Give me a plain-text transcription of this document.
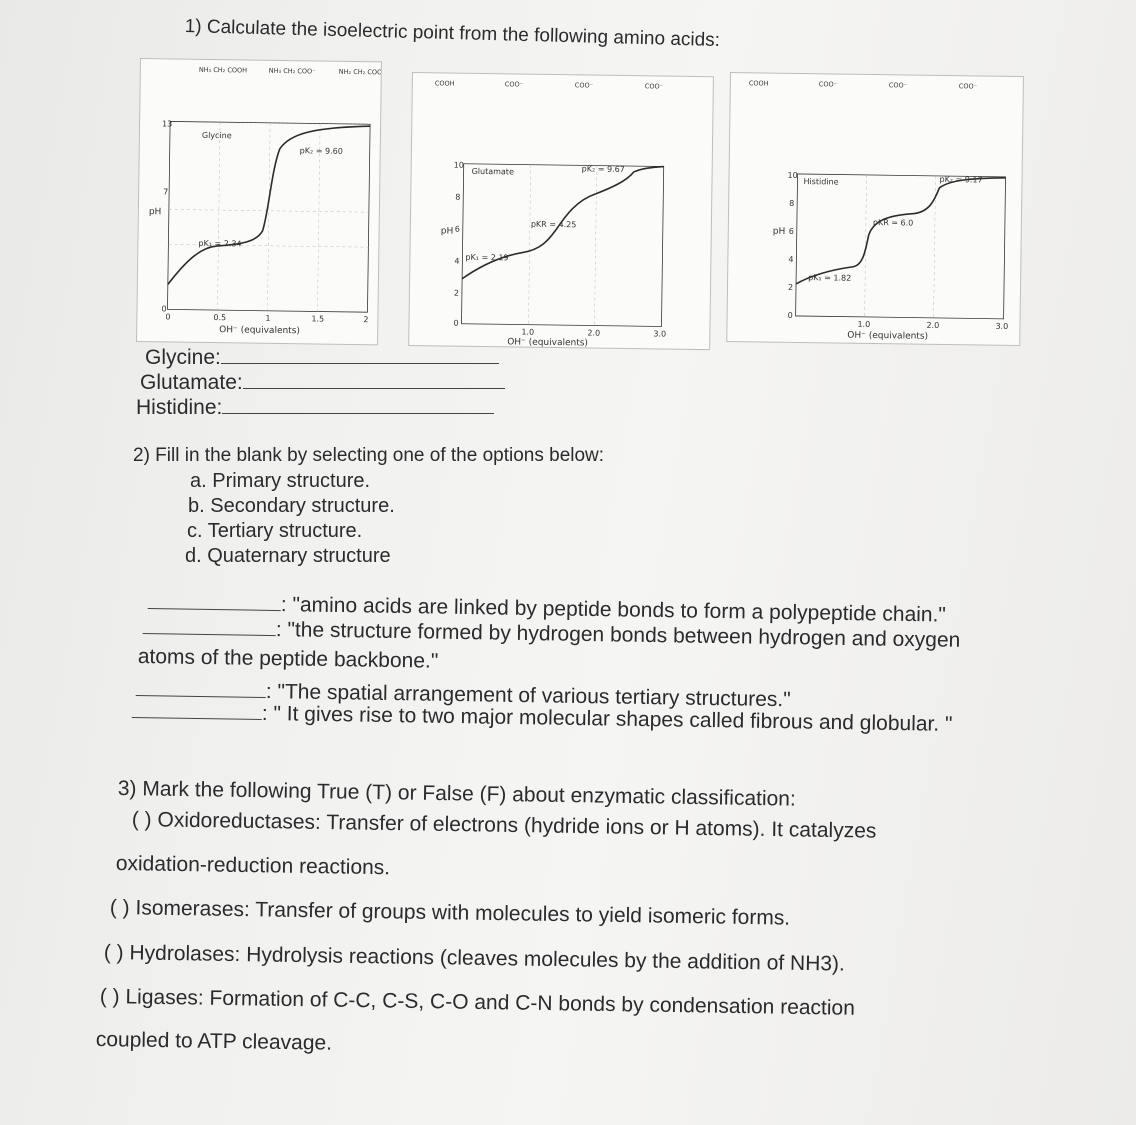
1) Calculate the isoelectric point from the following amino acids:
NH₃ CH₂ COOH	NH₃ CH₂ COO⁻	NH₂ CH₂ COO⁻
pH
13
7
0
0	0.5	1	1.5	2
OH⁻ (equivalents)
Glycine
pK₁ = 2.34
pK₂ = 9.60
COOH	COO⁻	COO⁻	COO⁻
pH
10
8
6
4
2
0
1.0	2.0	3.0
OH⁻ (equivalents)
Glutamate
pK₁ = 2.19
pKR = 4.25
pK₂ = 9.67
COOH	COO⁻	COO⁻	COO⁻
pH
10
8
6
4
2
0
1.0	2.0	3.0
OH⁻ (equivalents)
Histidine
pK₁ = 1.82
pKR = 6.0
pK₂ = 9.17
Glycine:
Glutamate:
Histidine:
2) Fill in the blank by selecting one of the options below:
a. Primary structure.
b. Secondary structure.
c. Tertiary structure.
d. Quaternary structure
: "amino acids are linked by peptide bonds to form a polypeptide chain."
: "the structure formed by hydrogen bonds between hydrogen and oxygen
atoms of the peptide backbone."
: "The spatial arrangement of various tertiary structures."
: " It gives rise to two major molecular shapes called fibrous and globular. "
3) Mark the following True (T) or False (F) about enzymatic classification:
( ) Oxidoreductases: Transfer of electrons (hydride ions or H atoms). It catalyzes
oxidation-reduction reactions.
( ) Isomerases: Transfer of groups with molecules to yield isomeric forms.
( ) Hydrolases: Hydrolysis reactions (cleaves molecules by the addition of NH3).
( ) Ligases: Formation of C-C, C-S, C-O and C-N bonds by condensation reaction
coupled to ATP cleavage.
